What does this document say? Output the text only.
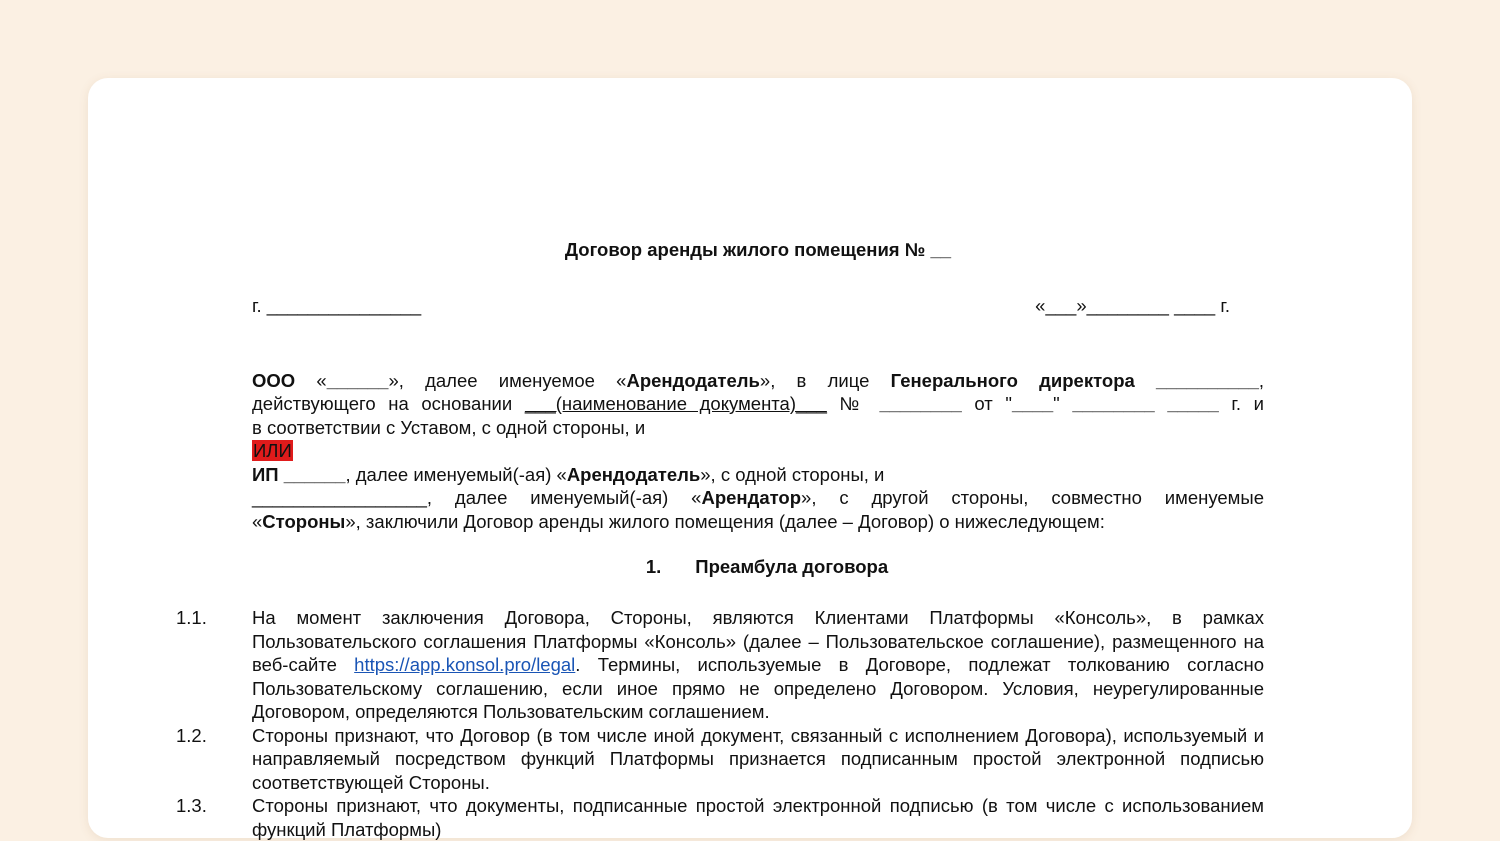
Договор аренды жилого помещения № __

г. _______________	«___»________ ____ г.

ООО «______», далее именуемое «Арендодатель», в лице Генерального директора __________,

действующего на основании ___(наименование документа)___ № ________ от "____" ________ _____ г. и

в соответствии с Уставом, с одной стороны, и

ИЛИ

ИП ______, далее именуемый(-ая) «Арендодатель», с одной стороны, и

_________________, далее именуемый(-ая) «Арендатор», с другой стороны, совместно именуемые

«Стороны», заключили Договор аренды жилого помещения (далее – Договор) о нижеследующем:

1. Преамбула договора
1.1.	На момент заключения Договора, Стороны, являются Клиентами Платформы «Консоль», в рамках Пользовательского соглашения Платформы «Консоль» (далее – Пользовательское соглашение), размещенного на веб-сайте https://app.konsol.pro/legal. Термины, используемые в Договоре, подлежат толкованию согласно Пользовательскому соглашению, если иное прямо не определено Договором. Условия, неурегулированные Договором, определяются Пользовательским соглашением.
1.2.	Стороны признают, что Договор (в том числе иной документ, связанный с исполнением Договора), используемый и направляемый посредством функций Платформы признается подписанным простой электронной подписью соответствующей Стороны.
1.3.	Стороны признают, что документы, подписанные простой электронной подписью (в том числе с использованием функций Платформы)
